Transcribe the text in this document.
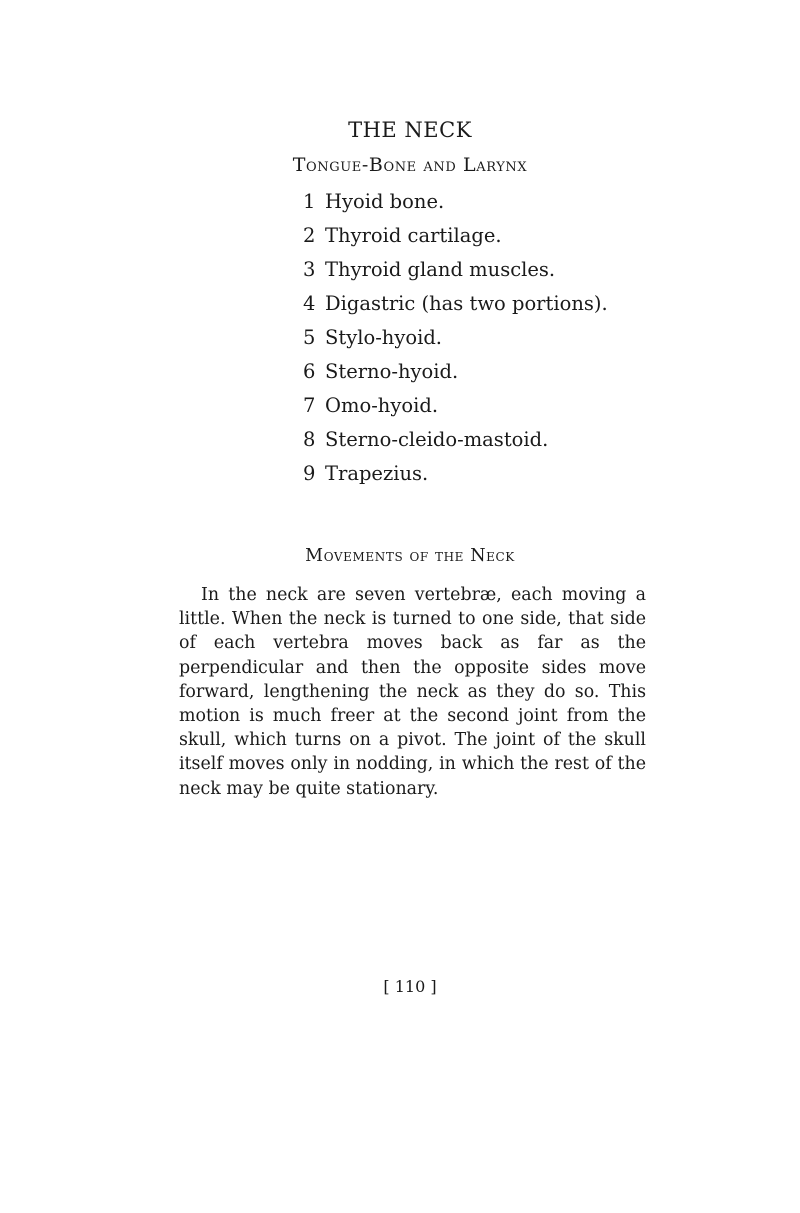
THE NECK
Tongue-Bone and Larynx
1 Hyoid bone.
2 Thyroid cartilage.
3 Thyroid gland muscles.
4 Digastric (has two portions).
5 Stylo-hyoid.
6 Sterno-hyoid.
7 Omo-hyoid.
8 Sterno-cleido-mastoid.
9 Trapezius.
Movements of the Neck

In the neck are seven vertebræ, each moving a little. When the neck is turned to one side, that side of each vertebra moves back as far as the perpendicular and then the opposite sides move forward, lengthening the neck as they do so. This motion is much freer at the second joint from the skull, which turns on a pivot. The joint of the skull itself moves only in nodding, in which the rest of the neck may be quite stationary.

[ 110 ]
